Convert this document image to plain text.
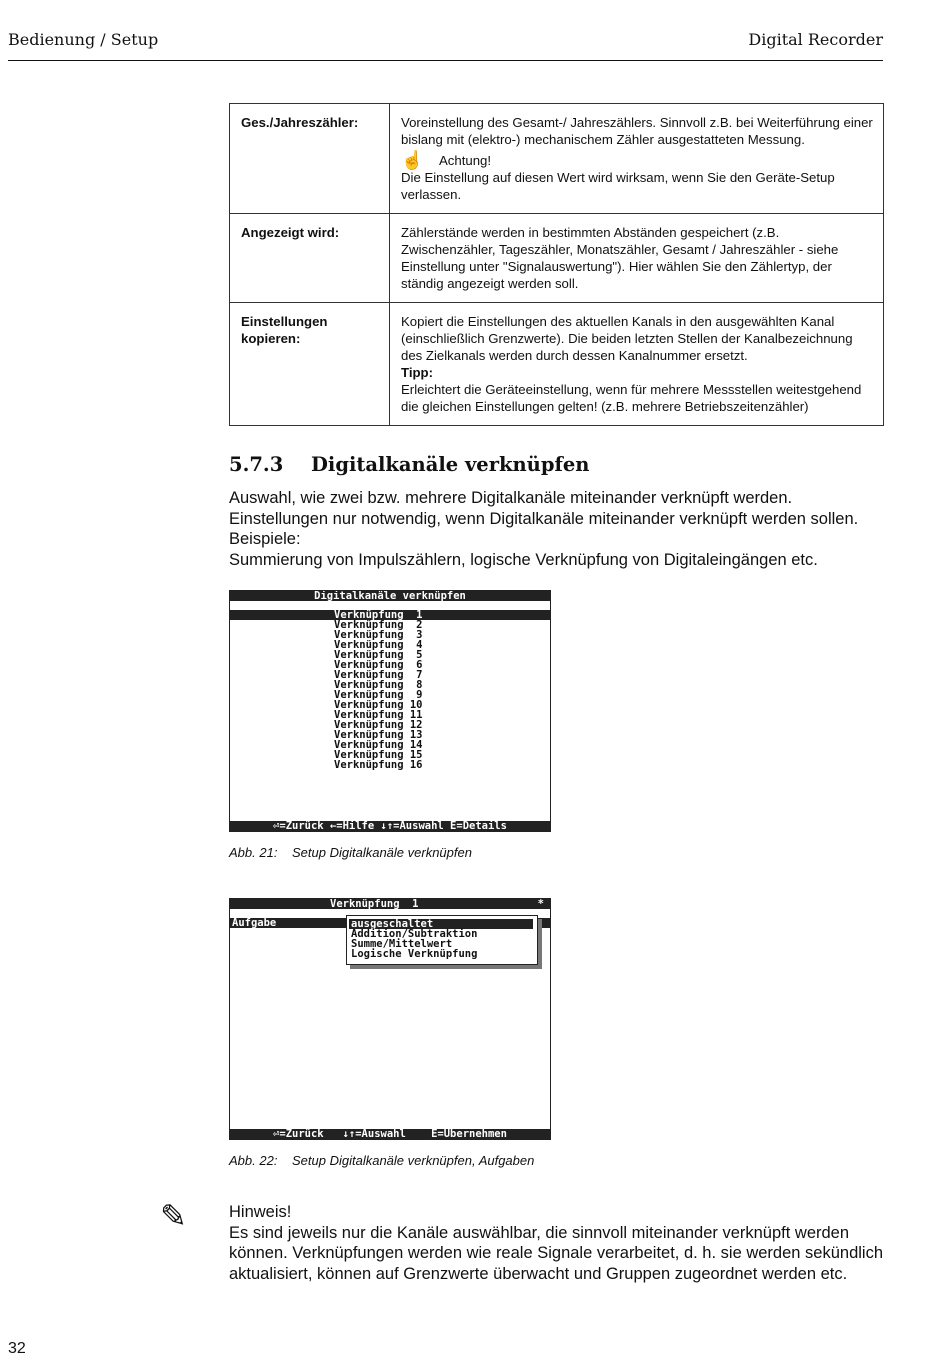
Bedienung / Setup	Digital Recorder
Ges./Jahreszähler:	Voreinstellung des Gesamt-/ Jahreszählers. Sinnvoll z.B. bei Weiterführung einer bislang mit (elektro-) mechanischem Zähler ausgestatteten Messung.
☝ Achtung!
Die Einstellung auf diesen Wert wird wirksam, wenn Sie den Geräte-Setup verlassen.

Angezeigt wird:	Zählerstände werden in bestimmten Abständen gespeichert (z.B. Zwischenzähler, Tageszähler, Monatszähler, Gesamt / Jahreszähler - siehe Einstellung unter "Signalauswertung"). Hier wählen Sie den Zählertyp, der ständig angezeigt werden soll.

Einstellungen kopieren:	Kopiert die Einstellungen des aktuellen Kanals in den ausgewählten Kanal (einschließlich Grenzwerte). Die beiden letzten Stellen der Kanalbezeichnung des Zielkanals werden durch dessen Kanalnummer ersetzt.
Tipp:
Erleichtert die Geräteeinstellung, wenn für mehrere Messstellen weitestgehend die gleichen Einstellungen gelten! (z.B. mehrere Betriebszeitenzähler)
5.7.3 Digitalkanäle verknüpfen

Auswahl, wie zwei bzw. mehrere Digitalkanäle miteinander verknüpft werden. Einstellungen nur notwendig, wenn Digitalkanäle miteinander verknüpft werden sollen.

Beispiele:

Summierung von Impulszählern, logische Verknüpfung von Digitaleingängen etc.

Digitalkanäle verknüpfen
Verknüpfung  1
Verknüpfung  2
Verknüpfung  3
Verknüpfung  4
Verknüpfung  5
Verknüpfung  6
Verknüpfung  7
Verknüpfung  8
Verknüpfung  9
Verknüpfung 10
Verknüpfung 11
Verknüpfung 12
Verknüpfung 13
Verknüpfung 14
Verknüpfung 15
Verknüpfung 16
⏎=Zurück ←=Hilfe ↓↑=Auswahl E=Details
Abb. 21: Setup Digitalkanäle verknüpfen
Verknüpfung  1	*
Aufgabe	ausgeschaltet
Addition/Subtraktion
Summe/Mittelwert
Logische Verknüpfung
⏎=Zurück   ↓↑=Auswahl    E=Übernehmen
Abb. 22: Setup Digitalkanäle verknüpfen, Aufgaben
✎	Hinweis!

Es sind jeweils nur die Kanäle auswählbar, die sinnvoll miteinander verknüpft werden können. Verknüpfungen werden wie reale Signale verarbeitet, d. h. sie werden sekündlich aktualisiert, können auf Grenzwerte überwacht und Gruppen zugeordnet werden etc.

32
